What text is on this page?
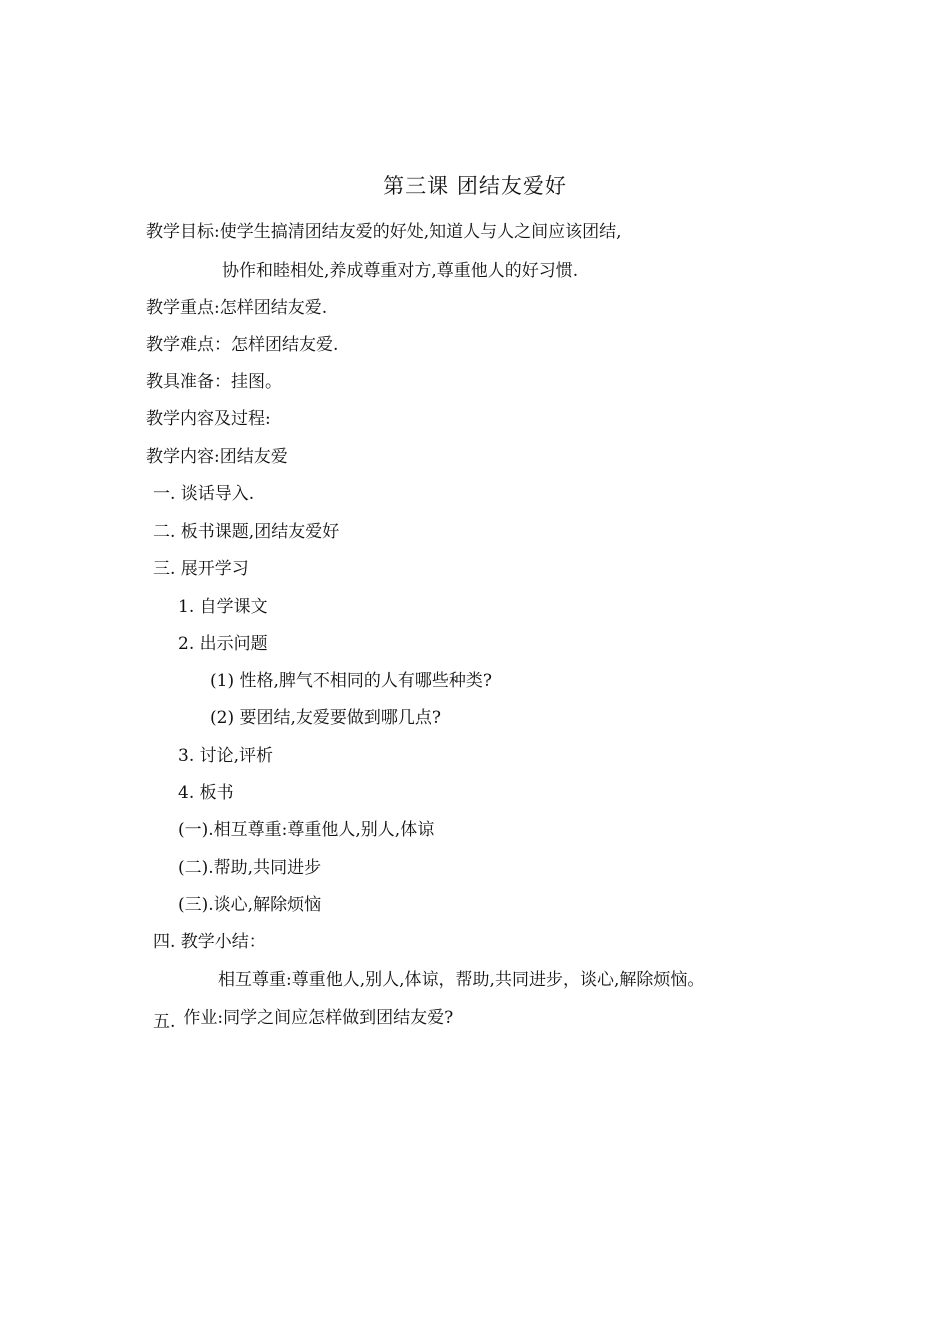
第三课 团结友爱好
教学目标:使学生搞清团结友爱的好处,知道人与人之间应该团结,
协作和睦相处,养成尊重对方,尊重他人的好习惯.
教学重点:怎样团结友爱.
教学难点：怎样团结友爱.
教具准备：挂图。
教学内容及过程:
教学内容:团结友爱
一. 谈话导入.
二. 板书课题,团结友爱好
三. 展开学习
1. 自学课文
2. 出示问题
(1) 性格,脾气不相同的人有哪些种类?
(2) 要团结,友爱要做到哪几点?
3. 讨论,评析
4. 板书
(一).相互尊重:尊重他人,别人,体谅
(二).帮助,共同进步
(三).谈心,解除烦恼
四. 教学小结：
相互尊重:尊重他人,别人,体谅，帮助,共同进步，谈心,解除烦恼。
五. 作业:同学之间应怎样做到团结友爱?
